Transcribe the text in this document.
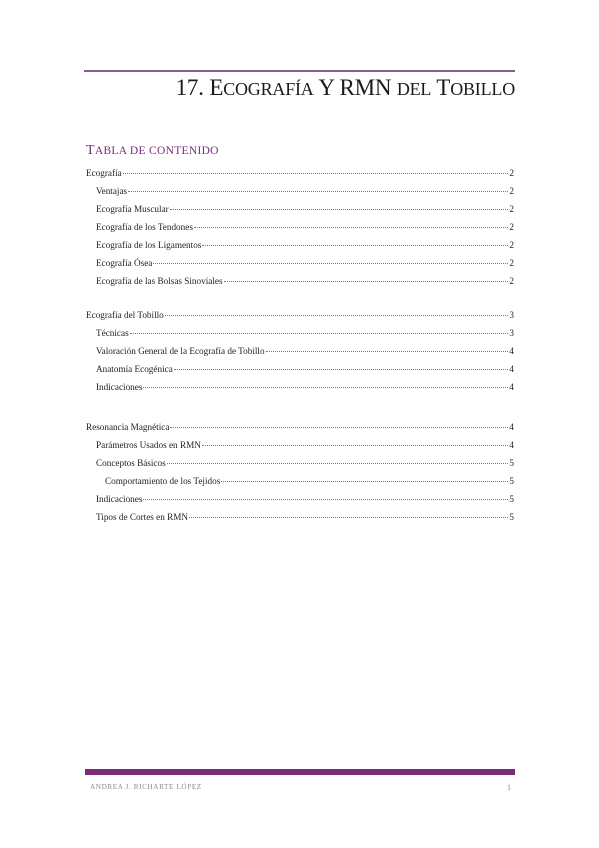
17. ECOGRAFÍA Y RMN DEL TOBILLO
TABLA DE CONTENIDO
Ecografía	2
Ventajas	2
Ecografía Muscular	2
Ecografía de los Tendones	2
Ecografía de los Ligamentos	2
Ecografía Ósea	2
Ecografía de las Bolsas Sinoviales	2
Ecografía del Tobillo	3
Técnicas	3
Valoración General de la Ecografía de Tobillo	4
Anatomía Ecogénica	4
Indicaciones	4
Resonancia Magnética	4
Parámetros Usados en RMN	4
Conceptos Básicos	5
Comportamiento de los Tejidos	5
Indicaciones	5
Tipos de Cortes en RMN	5

ANDREA J. RICHARTE LÓPEZ	1
